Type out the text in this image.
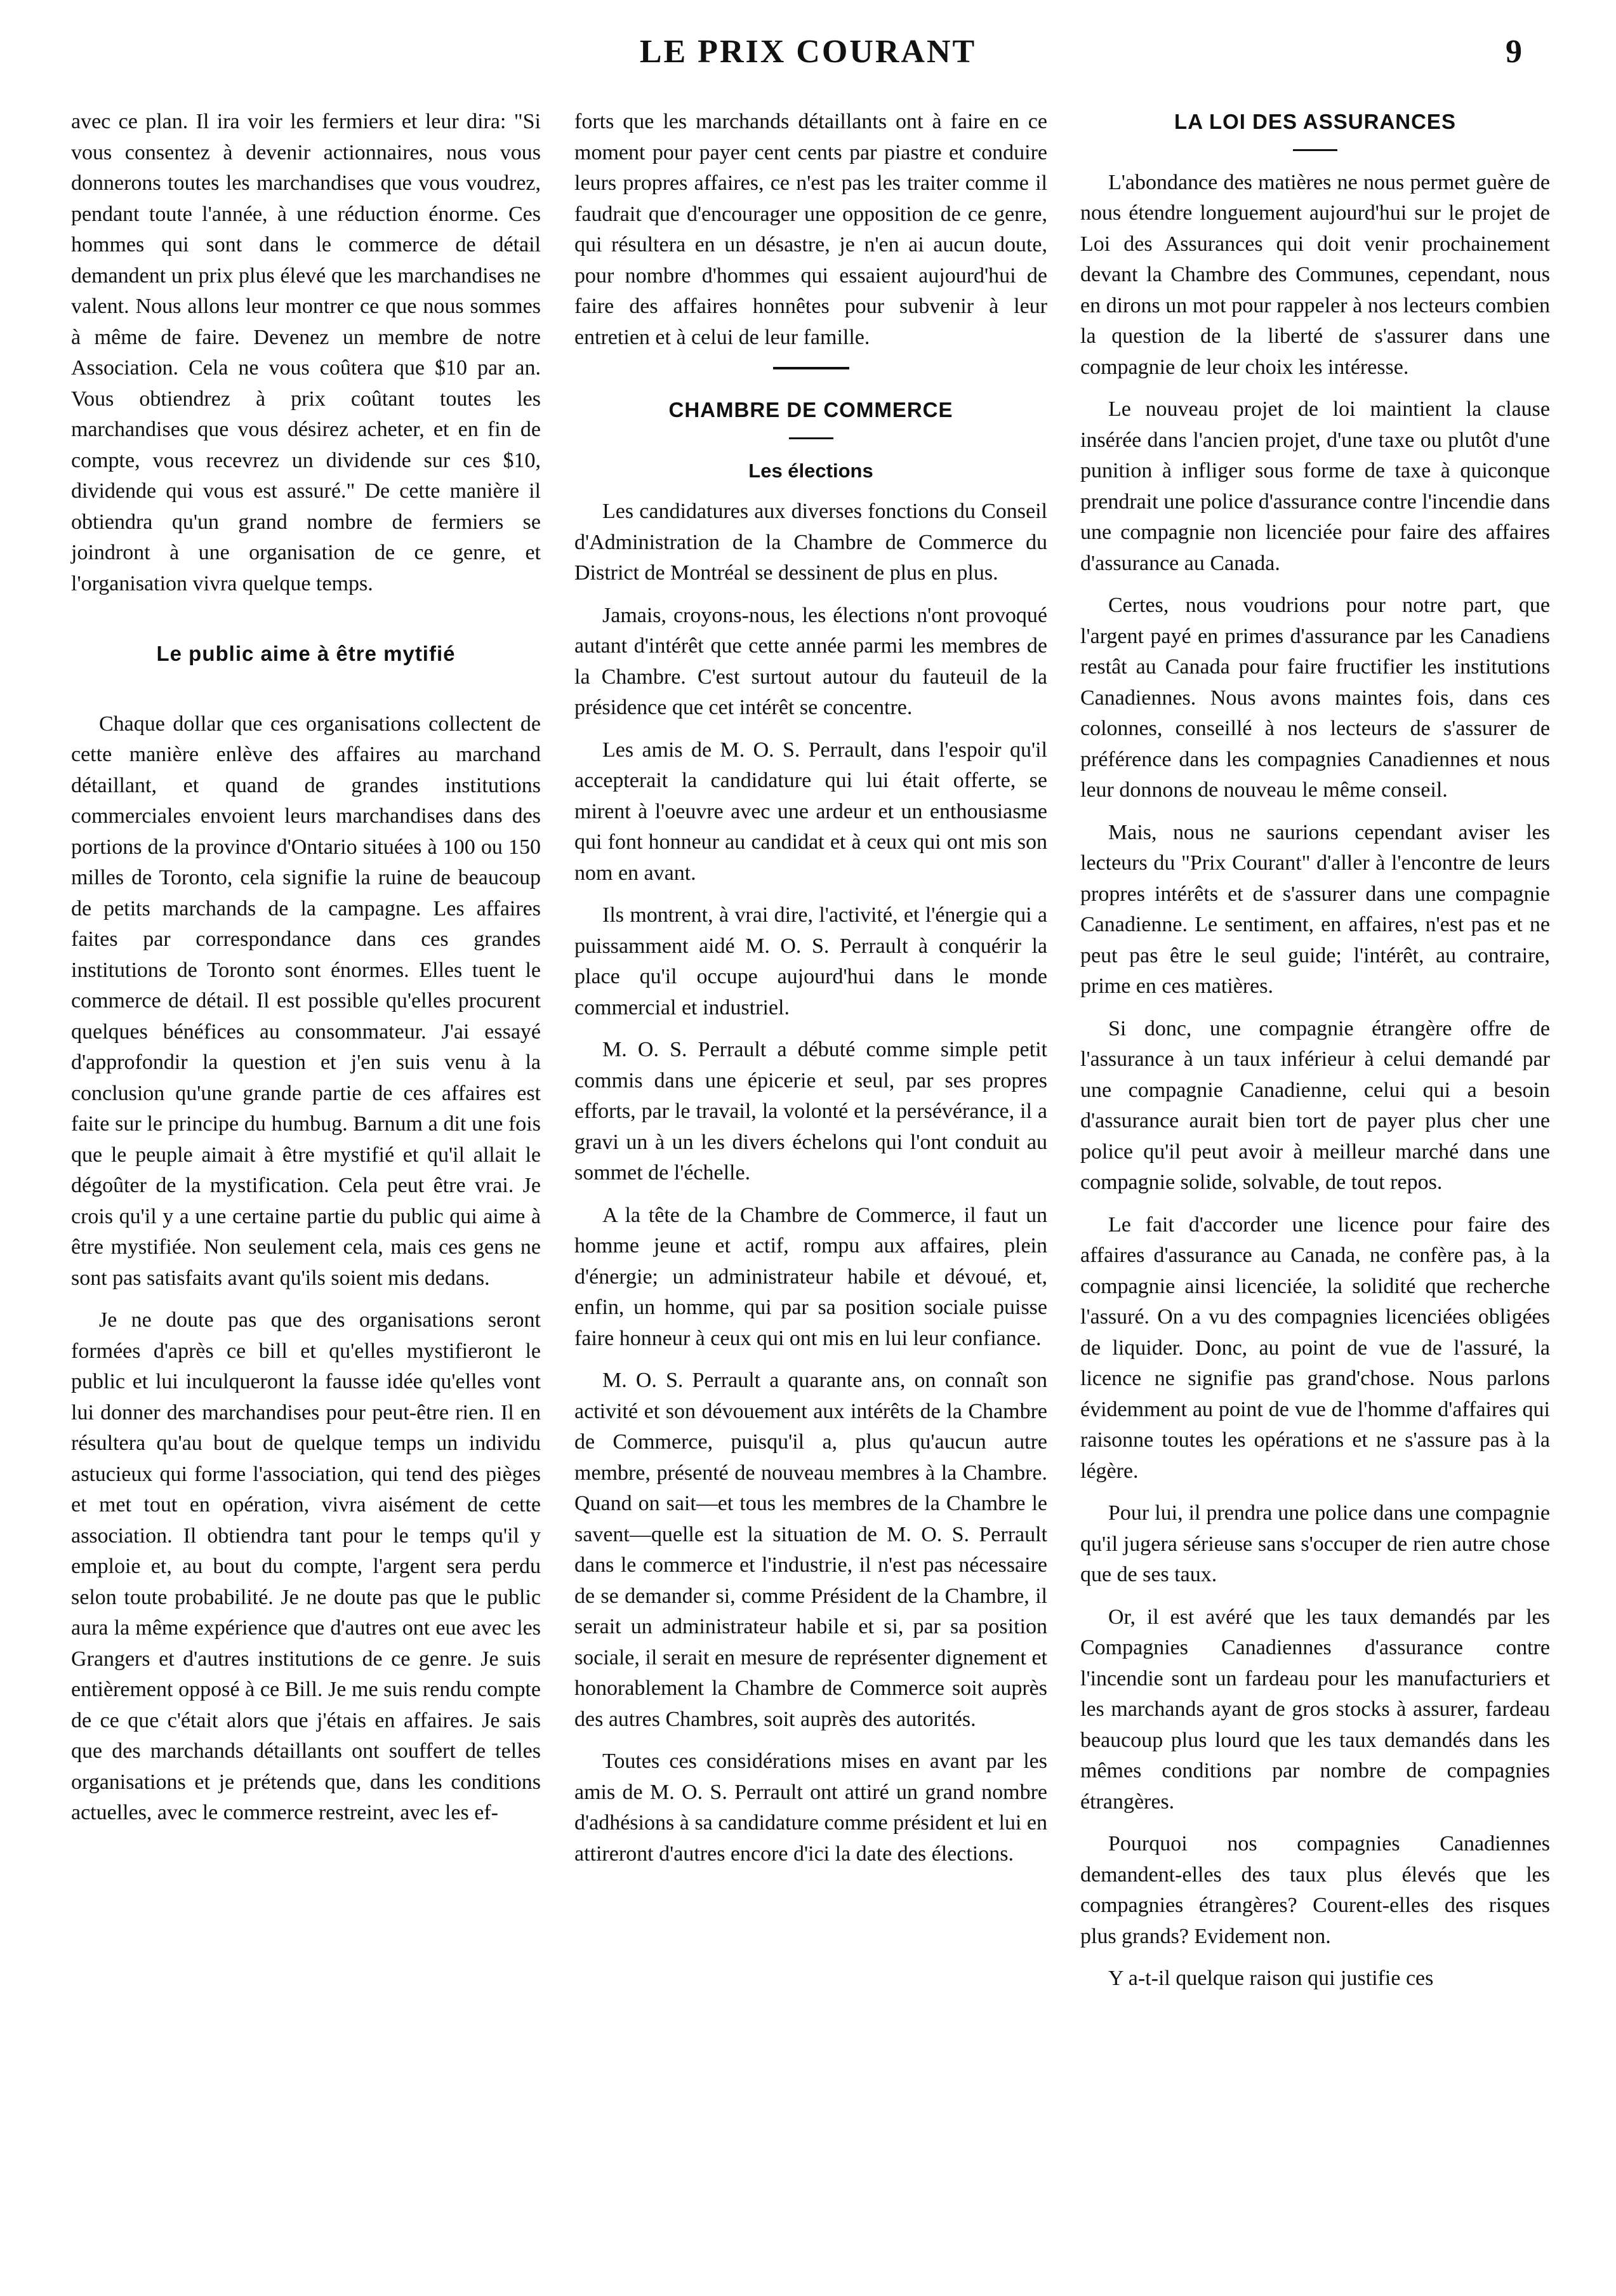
LE PRIX COURANT	9

avec ce plan. Il ira voir les fermiers et leur dira: "Si vous consentez à devenir actionnaires, nous vous donnerons toutes les marchandises que vous voudrez, pendant toute l'année, à une réduction énorme. Ces hommes qui sont dans le commerce de détail demandent un prix plus élevé que les marchandises ne valent. Nous allons leur montrer ce que nous sommes à même de faire. Devenez un membre de notre Association. Cela ne vous coûtera que $10 par an. Vous obtiendrez à prix coûtant toutes les marchandises que vous désirez acheter, et en fin de compte, vous recevrez un dividende sur ces $10, dividende qui vous est assuré." De cette manière il obtiendra qu'un grand nombre de fermiers se joindront à une organisation de ce genre, et l'organisation vivra quelque temps.

Le public aime à être mytifié

Chaque dollar que ces organisations collectent de cette manière enlève des affaires au marchand détaillant, et quand de grandes institutions commerciales envoient leurs marchandises dans des portions de la province d'Ontario situées à 100 ou 150 milles de Toronto, cela signifie la ruine de beaucoup de petits marchands de la campagne. Les affaires faites par correspondance dans ces grandes institutions de Toronto sont énormes. Elles tuent le commerce de détail. Il est possible qu'elles procurent quelques bénéfices au consommateur. J'ai essayé d'approfondir la question et j'en suis venu à la conclusion qu'une grande partie de ces affaires est faite sur le principe du humbug. Barnum a dit une fois que le peuple aimait à être mystifié et qu'il allait le dégoûter de la mystification. Cela peut être vrai. Je crois qu'il y a une certaine partie du public qui aime à être mystifiée. Non seulement cela, mais ces gens ne sont pas satisfaits avant qu'ils soient mis dedans.

Je ne doute pas que des organisations seront formées d'après ce bill et qu'elles mystifieront le public et lui inculqueront la fausse idée qu'elles vont lui donner des marchandises pour peut-être rien. Il en résultera qu'au bout de quelque temps un individu astucieux qui forme l'association, qui tend des pièges et met tout en opération, vivra aisément de cette association. Il obtiendra tant pour le temps qu'il y emploie et, au bout du compte, l'argent sera perdu selon toute probabilité. Je ne doute pas que le public aura la même expérience que d'autres ont eue avec les Grangers et d'autres institutions de ce genre. Je suis entièrement opposé à ce Bill. Je me suis rendu compte de ce que c'était alors que j'étais en affaires. Je sais que des marchands détaillants ont souffert de telles organisations et je prétends que, dans les conditions actuelles, avec le commerce restreint, avec les ef-

forts que les marchands détaillants ont à faire en ce moment pour payer cent cents par piastre et conduire leurs propres affaires, ce n'est pas les traiter comme il faudrait que d'encourager une opposition de ce genre, qui résultera en un désastre, je n'en ai aucun doute, pour nombre d'hommes qui essaient aujourd'hui de faire des affaires honnêtes pour subvenir à leur entretien et à celui de leur famille.

CHAMBRE DE COMMERCE
Les élections

Les candidatures aux diverses fonctions du Conseil d'Administration de la Chambre de Commerce du District de Montréal se dessinent de plus en plus.

Jamais, croyons-nous, les élections n'ont provoqué autant d'intérêt que cette année parmi les membres de la Chambre. C'est surtout autour du fauteuil de la présidence que cet intérêt se concentre.

Les amis de M. O. S. Perrault, dans l'espoir qu'il accepterait la candidature qui lui était offerte, se mirent à l'oeuvre avec une ardeur et un enthousiasme qui font honneur au candidat et à ceux qui ont mis son nom en avant.

Ils montrent, à vrai dire, l'activité, et l'énergie qui a puissamment aidé M. O. S. Perrault à conquérir la place qu'il occupe aujourd'hui dans le monde commercial et industriel.

M. O. S. Perrault a débuté comme simple petit commis dans une épicerie et seul, par ses propres efforts, par le travail, la volonté et la persévérance, il a gravi un à un les divers échelons qui l'ont conduit au sommet de l'échelle.

A la tête de la Chambre de Commerce, il faut un homme jeune et actif, rompu aux affaires, plein d'énergie; un administrateur habile et dévoué, et, enfin, un homme, qui par sa position sociale puisse faire honneur à ceux qui ont mis en lui leur confiance.

M. O. S. Perrault a quarante ans, on connaît son activité et son dévouement aux intérêts de la Chambre de Commerce, puisqu'il a, plus qu'aucun autre membre, présenté de nouveau membres à la Chambre. Quand on sait—et tous les membres de la Chambre le savent—quelle est la situation de M. O. S. Perrault dans le commerce et l'industrie, il n'est pas nécessaire de se demander si, comme Président de la Chambre, il serait un administrateur habile et si, par sa position sociale, il serait en mesure de représenter dignement et honorablement la Chambre de Commerce soit auprès des autres Chambres, soit auprès des autorités.

Toutes ces considérations mises en avant par les amis de M. O. S. Perrault ont attiré un grand nombre d'adhésions à sa candidature comme président et lui en attireront d'autres encore d'ici la date des élections.

LA LOI DES ASSURANCES

L'abondance des matières ne nous permet guère de nous étendre longuement aujourd'hui sur le projet de Loi des Assurances qui doit venir prochainement devant la Chambre des Communes, cependant, nous en dirons un mot pour rappeler à nos lecteurs combien la question de la liberté de s'assurer dans une compagnie de leur choix les intéresse.

Le nouveau projet de loi maintient la clause insérée dans l'ancien projet, d'une taxe ou plutôt d'une punition à infliger sous forme de taxe à quiconque prendrait une police d'assurance contre l'incendie dans une compagnie non licenciée pour faire des affaires d'assurance au Canada.

Certes, nous voudrions pour notre part, que l'argent payé en primes d'assurance par les Canadiens restât au Canada pour faire fructifier les institutions Canadiennes. Nous avons maintes fois, dans ces colonnes, conseillé à nos lecteurs de s'assurer de préférence dans les compagnies Canadiennes et nous leur donnons de nouveau le même conseil.

Mais, nous ne saurions cependant aviser les lecteurs du "Prix Courant" d'aller à l'encontre de leurs propres intérêts et de s'assurer dans une compagnie Canadienne. Le sentiment, en affaires, n'est pas et ne peut pas être le seul guide; l'intérêt, au contraire, prime en ces matières.

Si donc, une compagnie étrangère offre de l'assurance à un taux inférieur à celui demandé par une compagnie Canadienne, celui qui a besoin d'assurance aurait bien tort de payer plus cher une police qu'il peut avoir à meilleur marché dans une compagnie solide, solvable, de tout repos.

Le fait d'accorder une licence pour faire des affaires d'assurance au Canada, ne confère pas, à la compagnie ainsi licenciée, la solidité que recherche l'assuré. On a vu des compagnies licenciées obligées de liquider. Donc, au point de vue de l'assuré, la licence ne signifie pas grand'chose. Nous parlons évidemment au point de vue de l'homme d'affaires qui raisonne toutes les opérations et ne s'assure pas à la légère.

Pour lui, il prendra une police dans une compagnie qu'il jugera sérieuse sans s'occuper de rien autre chose que de ses taux.

Or, il est avéré que les taux demandés par les Compagnies Canadiennes d'assurance contre l'incendie sont un fardeau pour les manufacturiers et les marchands ayant de gros stocks à assurer, fardeau beaucoup plus lourd que les taux demandés dans les mêmes conditions par nombre de compagnies étrangères.

Pourquoi nos compagnies Canadiennes demandent-elles des taux plus élevés que les compagnies étrangères? Courent-elles des risques plus grands? Evidement non.

Y a-t-il quelque raison qui justifie ces
